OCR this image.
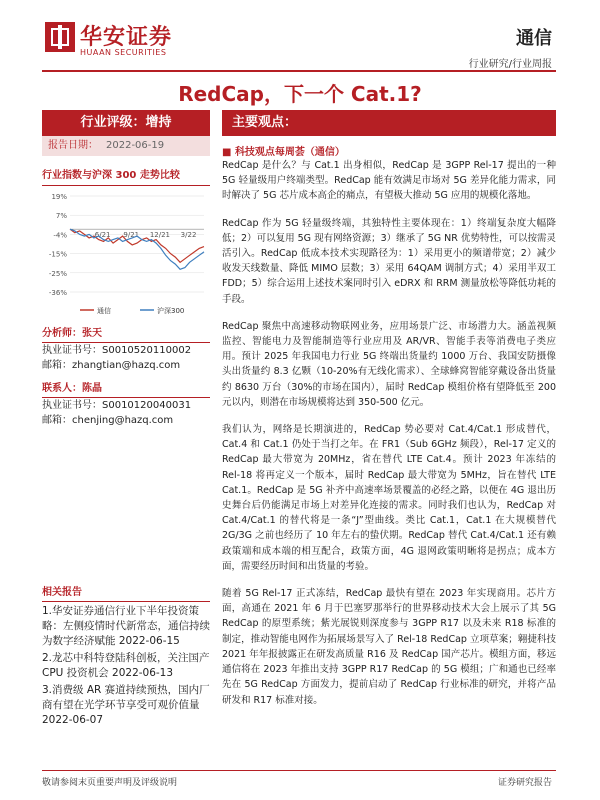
华安证券
HUAAN SECURITIES
通信
行业研究/行业周报
RedCap，下一个 Cat.1?
行业评级：增持
报告日期： 2022-06-19
行业指数与沪深 300 走势比较
19%
7%
-4%
-15%
-25%
-36%
6/21 9/21 12/21 3/22
通信	沪深300
分析师：张天
执业证书号：S0010520110002
邮箱：zhangtian@hazq.com
联系人：陈晶
执业证书号：S0010120040031
邮箱：chenjing@hazq.com
相关报告
1.华安证券通信行业下半年投资策略：左侧疫情时代新常态，通信持续为数字经济赋能 2022-06-15
2.龙芯中科特登陆科创板，关注国产 CPU 投资机会 2022-06-13
3.消费级 AR 赛道持续预热，国内厂商有望在光学环节享受可观价值量 2022-06-07
主要观点：
■ 科技观点每周荟（通信）

RedCap 是什么？与 Cat.1 出身相似，RedCap 是 3GPP Rel-17 提出的一种 5G 轻量级用户终端类型。RedCap 能有效满足市场对 5G 差异化能力需求，同时解决了 5G 芯片成本高企的痛点，有望极大推动 5G 应用的规模化落地。

RedCap 作为 5G 轻量级终端，其独特性主要体现在：1）终端复杂度大幅降低；2）可以复用 5G 现有网络资源；3）继承了 5G NR 优势特性，可以按需灵活引入。RedCap 低成本技术实现路径为：1）采用更小的频谱带宽；2）减少收发天线数量、降低 MIMO 层数；3）采用 64QAM 调制方式；4）采用半双工 FDD；5）综合运用上述技术案同时引入 eDRX 和 RRM 测量放松等降低功耗的手段。

RedCap 聚焦中高速移动物联网业务，应用场景广泛、市场潜力大。涵盖视频监控、智能电力及智能制造等行业应用及 AR/VR、智能手表等消费电子类应用。预计 2025 年我国电力行业 5G 终端出货量约 1000 万台、我国安防摄像头出货量约 8.3 亿颗（10-20%有无线化需求）、全球蜂窝智能穿戴设备出货量约 8630 万台（30%的市场在国内），届时 RedCap 模组价格有望降低至 200 元以内，则潜在市场规模将达到 350-500 亿元。

我们认为，网络是长期演进的，RedCap 势必要对 Cat.4/Cat.1 形成替代，Cat.4 和 Cat.1 仍处于当打之年。在 FR1（Sub 6GHz 频段），Rel-17 定义的 RedCap 最大带宽为 20MHz，省在替代 LTE Cat.4。预计 2023 年冻结的 Rel-18 将再定义一个版本，届时 RedCap 最大带宽为 5MHz，旨在替代 LTE Cat.1。RedCap 是 5G 补齐中高速率场景覆盖的必经之路，以便在 4G 退出历史舞台后仍能满足市场上对差异化连接的需求。同时我们也认为，RedCap 对 Cat.4/Cat.1 的替代将是一条“J”型曲线。类比 Cat.1，Cat.1 在大规模替代 2G/3G 之前也经历了 10 年左右的蛰伏期。RedCap 替代 Cat.4/Cat.1 还有赖政策端和成本端的相互配合，政策方面，4G 退网政策明晰将是拐点；成本方面，需要经历时间和出货量的考验。

随着 5G Rel-17 正式冻结，RedCap 最快有望在 2023 年实现商用。芯片方面，高通在 2021 年 6 月于巴塞罗那举行的世界移动技术大会上展示了其 5G RedCap 的原型系统；紫光展锐则深度参与 3GPP R17 以及未来 R18 标准的制定，推动智能电网作为拓展场景写入了 Rel-18 RedCap 立项草案；翱捷科技 2021 年年报披露正在研发高质量 R16 及 RedCap 国产芯片。模组方面，移远通信将在 2023 年推出支持 3GPP R17 RedCap 的 5G 模组；广和通也已经率先在 5G RedCap 方面发力，提前启动了 RedCap 行业标准的研究，并将产品研发和 R17 标准对接。

敬请参阅末页重要声明及评级说明	证券研究报告
